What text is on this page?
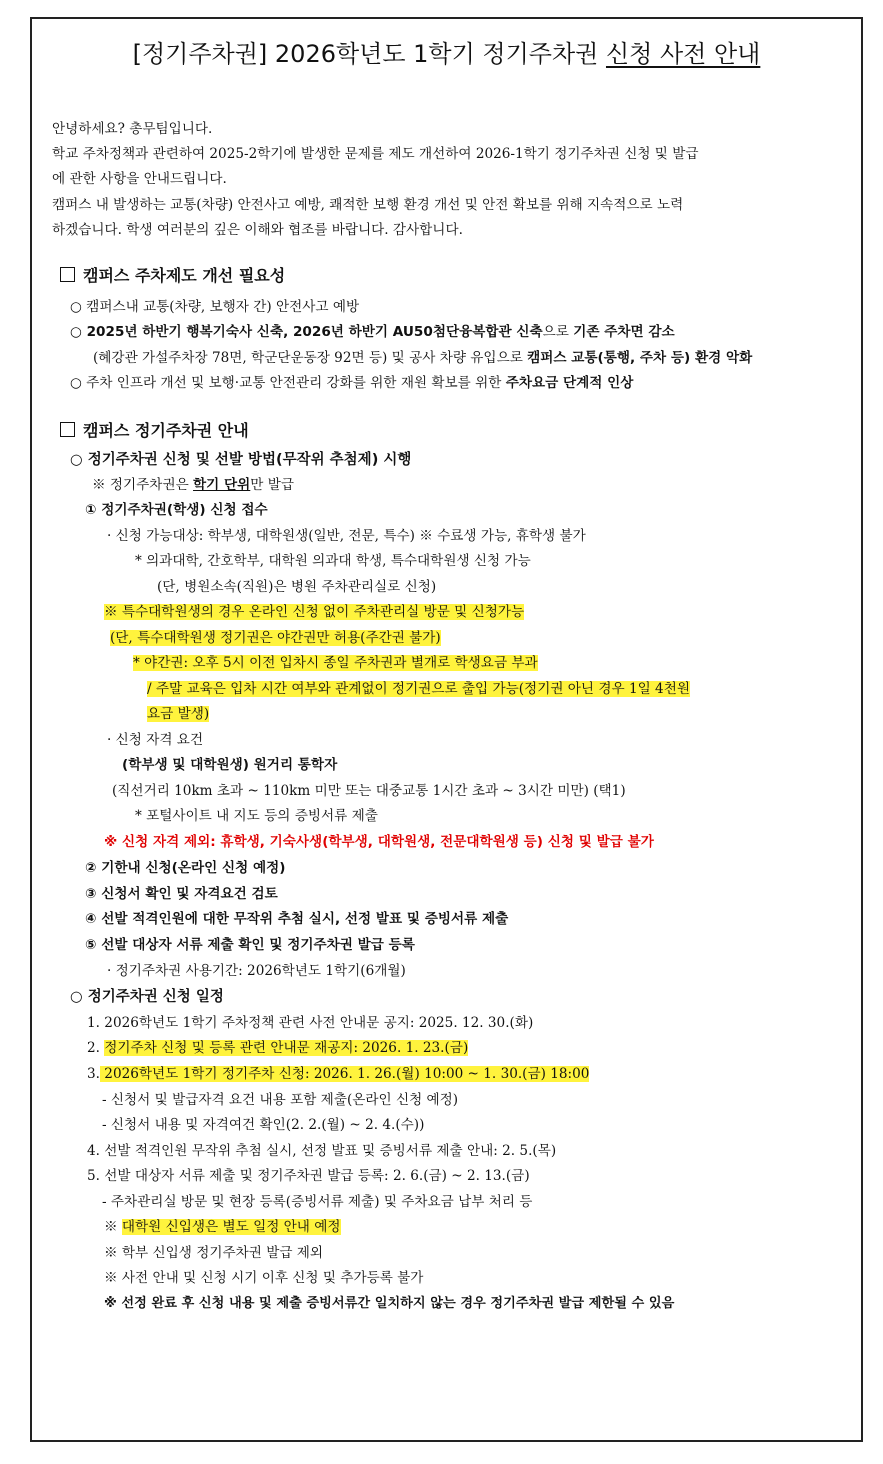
[정기주차권] 2026학년도 1학기 정기주차권 신청 사전 안내
안녕하세요? 총무팀입니다.
학교 주차정책과 관련하여 2025-2학기에 발생한 문제를 제도 개선하여 2026-1학기 정기주차권 신청 및 발급
에 관한 사항을 안내드립니다.
캠퍼스 내 발생하는 교통(차량) 안전사고 예방, 쾌적한 보행 환경 개선 및 안전 확보를 위해 지속적으로 노력
하겠습니다. 학생 여러분의 깊은 이해와 협조를 바랍니다. 감사합니다.
캠퍼스 주차제도 개선 필요성
○ 캠퍼스내 교통(차량, 보행자 간) 안전사고 예방
○ 2025년 하반기 행복기숙사 신축, 2026년 하반기 AU50첨단융복합관 신축으로 기존 주차면 감소
(혜강관 가설주차장 78면, 학군단운동장 92면 등) 및 공사 차량 유입으로 캠퍼스 교통(통행, 주차 등) 환경 악화
○ 주차 인프라 개선 및 보행·교통 안전관리 강화를 위한 재원 확보를 위한 주차요금 단계적 인상
캠퍼스 정기주차권 안내
○ 정기주차권 신청 및 선발 방법(무작위 추첨제) 시행
※ 정기주차권은 학기 단위만 발급
① 정기주차권(학생) 신청 접수
· 신청 가능대상: 학부생, 대학원생(일반, 전문, 특수) ※ 수료생 가능, 휴학생 불가
* 의과대학, 간호학부, 대학원 의과대 학생, 특수대학원생 신청 가능
(단, 병원소속(직원)은 병원 주차관리실로 신청)
※ 특수대학원생의 경우 온라인 신청 없이 주차관리실 방문 및 신청가능
(단, 특수대학원생 정기권은 야간권만 허용(주간권 불가)
* 야간권: 오후 5시 이전 입차시 종일 주차권과 별개로 학생요금 부과
/ 주말 교육은 입차 시간 여부와 관계없이 정기권으로 출입 가능(정기권 아닌 경우 1일 4천원
요금 발생)
· 신청 자격 요건
(학부생 및 대학원생) 원거리 통학자
(직선거리 10km 초과 ~ 110km 미만 또는 대중교통 1시간 초과 ~ 3시간 미만) (택1)
* 포털사이트 내 지도 등의 증빙서류 제출
※ 신청 자격 제외: 휴학생, 기숙사생(학부생, 대학원생, 전문대학원생 등) 신청 및 발급 불가
② 기한내 신청(온라인 신청 예정)
③ 신청서 확인 및 자격요건 검토
④ 선발 적격인원에 대한 무작위 추첨 실시, 선정 발표 및 증빙서류 제출
⑤ 선발 대상자 서류 제출 확인 및 정기주차권 발급 등록
· 정기주차권 사용기간: 2026학년도 1학기(6개월)
○ 정기주차권 신청 일정
1. 2026학년도 1학기 주차정책 관련 사전 안내문 공지: 2025. 12. 30.(화)
2. 정기주차 신청 및 등록 관련 안내문 재공지: 2026. 1. 23.(금)
3. 2026학년도 1학기 정기주차 신청: 2026. 1. 26.(월) 10:00 ~ 1. 30.(금) 18:00
- 신청서 및 발급자격 요건 내용 포함 제출(온라인 신청 예정)
- 신청서 내용 및 자격여건 확인(2. 2.(월) ~ 2. 4.(수))
4. 선발 적격인원 무작위 추첨 실시, 선정 발표 및 증빙서류 제출 안내: 2. 5.(목)
5. 선발 대상자 서류 제출 및 정기주차권 발급 등록: 2. 6.(금) ~ 2. 13.(금)
- 주차관리실 방문 및 현장 등록(증빙서류 제출) 및 주차요금 납부 처리 등
※ 대학원 신입생은 별도 일정 안내 예정
※ 학부 신입생 정기주차권 발급 제외
※ 사전 안내 및 신청 시기 이후 신청 및 추가등록 불가
※ 선정 완료 후 신청 내용 및 제출 증빙서류간 일치하지 않는 경우 정기주차권 발급 제한될 수 있음
